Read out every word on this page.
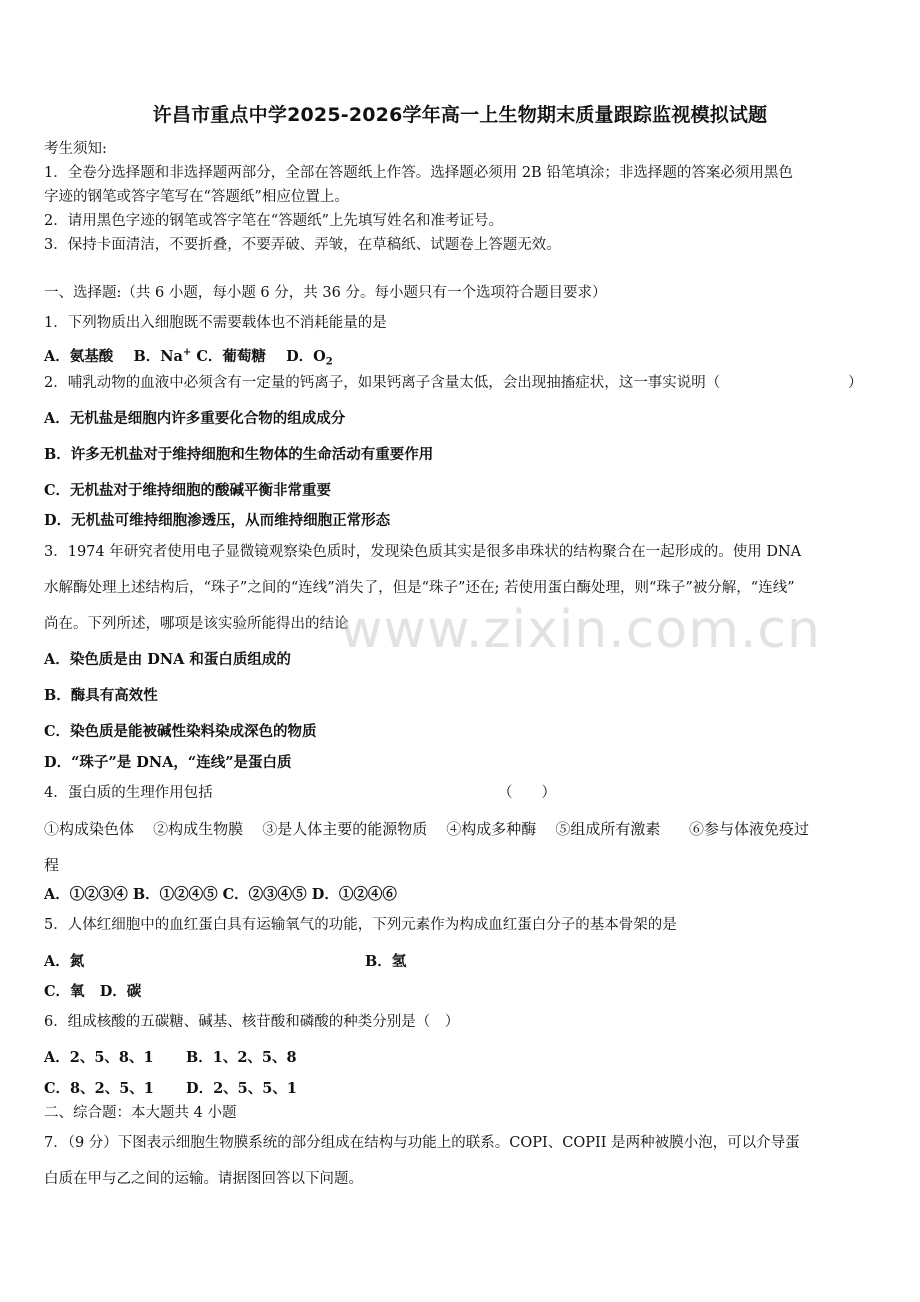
许昌市重点中学2025-2026学年高一上生物期末质量跟踪监视模拟试题
考生须知:
1．全卷分选择题和非选择题两部分，全部在答题纸上作答。选择题必须用 2B 铅笔填涂；非选择题的答案必须用黑色
字迹的钢笔或答字笔写在“答题纸”相应位置上。
2．请用黑色字迹的钢笔或答字笔在“答题纸”上先填写姓名和准考证号。
3．保持卡面清洁，不要折叠，不要弄破、弄皱，在草稿纸、试题卷上答题无效。
一、选择题:（共 6 小题，每小题 6 分，共 36 分。每小题只有一个选项符合题目要求）
1．下列物质出入细胞既不需要载体也不消耗能量的是
A．氨基酸 B．Na+ C．葡萄糖 D．$O_2$
2．哺乳动物的血液中必须含有一定量的钙离子，如果钙离子含量太低，会出现抽搐症状，这一事实说明（	）
A．无机盐是细胞内许多重要化合物的组成成分
B．许多无机盐对于维持细胞和生物体的生命活动有重要作用
C．无机盐对于维持细胞的酸碱平衡非常重要
D．无机盐可维持细胞渗透压，从而维持细胞正常形态
3．1974 年研究者使用电子显微镜观察染色质时，发现染色质其实是很多串珠状的结构聚合在一起形成的。使用 DNA
水解酶处理上述结构后，“珠子”之间的“连线”消失了，但是“珠子”还在; 若使用蛋白酶处理，则“珠子”被分解，“连线”
尚在。下列所述，哪项是该实验所能得出的结论
A．染色质是由 DNA 和蛋白质组成的
B．酶具有高效性
C．染色质是能被碱性染料染成深色的物质
D．“珠子”是 DNA，“连线”是蛋白质
4．蛋白质的生理作用包括	（　　）
①构成染色体 ②构成生物膜 ③是人体主要的能源物质 ④构成多种酶 ⑤组成所有激素 ⑥参与体液免疫过
程
A．①②③④ B．①②④⑤ C．②③④⑤ D．①②④⑥
5．人体红细胞中的血红蛋白具有运输氧气的功能，下列元素作为构成血红蛋白分子的基本骨架的是
A．氮	B．氢
C．氧 D．碳
6．组成核酸的五碳糖、碱基、核苷酸和磷酸的种类分别是（　）
A．2、5、8、1 B．1、2、5、8
C．8、2、5、1 D．2、5、5、1
二、综合题：本大题共 4 小题
7．（9 分）下图表示细胞生物膜系统的部分组成在结构与功能上的联系。COPI、COPII 是两种被膜小泡，可以介导蛋
白质在甲与乙之间的运输。请据图回答以下问题。
www.zixin.com.cn
